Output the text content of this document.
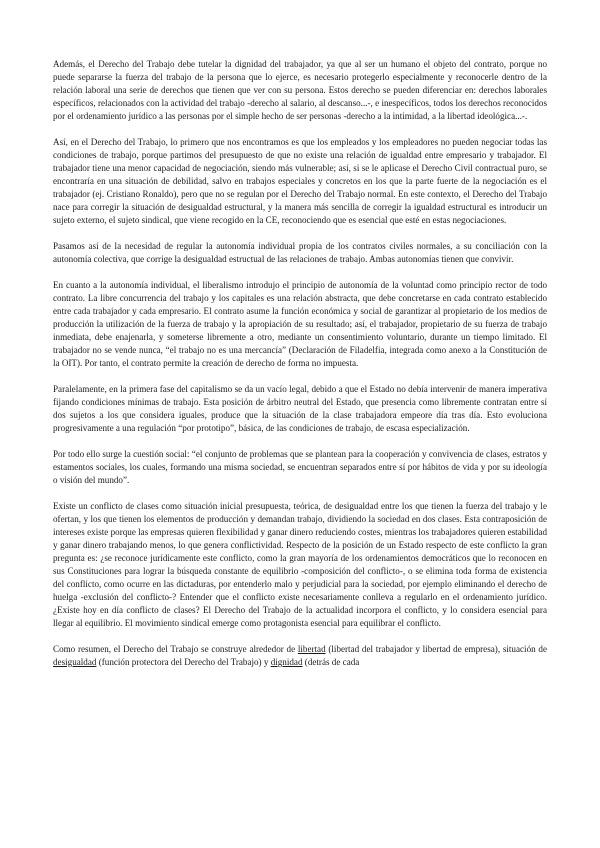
Además, el Derecho del Trabajo debe tutelar la dignidad del trabajador, ya que al ser un humano el objeto del contrato, porque no puede separarse la fuerza del trabajo de la persona que lo ejerce, es necesario protegerlo especialmente y reconocerle dentro de la relación laboral una serie de derechos que tienen que ver con su persona. Estos derecho se pueden diferenciar en: derechos laborales específicos, relacionados con la actividad del trabajo -derecho al salario, al descanso...-, e inespecíficos, todos los derechos reconocidos por el ordenamiento jurídico a las personas por el simple hecho de ser personas -derecho a la intimidad, a la libertad ideológica...-.

Así, en el Derecho del Trabajo, lo primero que nos encontramos es que los empleados y los empleadores no pueden negociar todas las condiciones de trabajo, porque partimos del presupuesto de que no existe una relación de igualdad entre empresario y trabajador. El trabajador tiene una menor capacidad de negociación, siendo más vulnerable; así, si se le aplicase el Derecho Civil contractual puro, se encontraría en una situación de debilidad, salvo en trabajos especiales y concretos en los que la parte fuerte de la negociación es el trabajador (ej. Cristiano Ronaldo), pero que no se regulan por el Derecho del Trabajo normal. En este contexto, el Derecho del Trabajo nace para corregir la situación de desigualdad estructural, y la manera más sencilla de corregir la igualdad estructural es introducir un sujeto externo, el sujeto sindical, que viene recogido en la CE, reconociendo que es esencial que esté en estas negociaciones.

Pasamos así de la necesidad de regular la autonomía individual propia de los contratos civiles normales, a su conciliación con la autonomía colectiva, que corrige la desigualdad estructual de las relaciones de trabajo. Ambas autonomías tienen que convivir.

En cuanto a la autonomía individual, el liberalismo introdujo el principio de autonomía de la voluntad como principio rector de todo contrato. La libre concurrencia del trabajo y los capitales es una relación abstracta, que debe concretarse en cada contrato establecido entre cada trabajador y cada empresario. El contrato asume la función económica y social de garantizar al propietario de los medios de producción la utilización de la fuerza de trabajo y la apropiación de su resultado; así, el trabajador, propietario de su fuerza de trabajo inmediata, debe enajenarla, y someterse libremente a otro, mediante un consentimiento voluntario, durante un tiempo limitado. El trabajador no se vende nunca, “el trabajo no es una mercancía” (Declaración de Filadelfia, integrada como anexo a la Constitución de la OIT). Por tanto, el contrato permite la creación de derecho de forma no impuesta.

Paralelamente, en la primera fase del capitalismo se da un vacío legal, debido a que el Estado no debía intervenir de manera imperativa fijando condiciones mínimas de trabajo. Esta posición de árbitro neutral del Estado, que presencia como libremente contratan entre sí dos sujetos a los que considera iguales, produce que la situación de la clase trabajadora empeore día tras día. Esto evoluciona progresivamente a una regulación “por prototipo”, básica, de las condiciones de trabajo, de escasa especialización.

Por todo ello surge la cuestión social: “el conjunto de problemas que se plantean para la cooperación y convivencia de clases, estratos y estamentos sociales, los cuales, formando una misma sociedad, se encuentran separados entre sí por hábitos de vida y por su ideología o visión del mundo”.

Existe un conflicto de clases como situación inicial presupuesta, teórica, de desigualdad entre los que tienen la fuerza del trabajo y le ofertan, y los que tienen los elementos de producción y demandan trabajo, dividiendo la sociedad en dos clases. Esta contraposición de intereses existe porque las empresas quieren flexibilidad y ganar dinero reduciendo costes, mientras los trabajadores quieren estabilidad y ganar dinero trabajando menos, lo que genera conflictividad. Respecto de la posición de un Estado respecto de este conflicto la gran pregunta es: ¿se reconoce jurídicamente este conflicto, como la gran mayoría de los ordenamientos democráticos que lo reconocen en sus Constituciones para lograr la búsqueda constante de equilibrio -composición del conflicto-, o se elimina toda forma de existencia del conflicto, como ocurre en las dictaduras, por entenderlo malo y perjudicial para la sociedad, por ejemplo eliminando el derecho de huelga -exclusión del conflicto-? Entender que el conflicto existe necesariamente conlleva a regularlo en el ordenamiento jurídico. ¿Existe hoy en día conflicto de clases? El Derecho del Trabajo de la actualidad incorpora el conflicto, y lo considera esencial para llegar al equilibrio. El movimiento sindical emerge como protagonista esencial para equilibrar el conflicto.

Como resumen, el Derecho del Trabajo se construye alrededor de libertad (libertad del trabajador y libertad de empresa), situación de desigualdad (función protectora del Derecho del Trabajo) y dignidad (detrás de cada
